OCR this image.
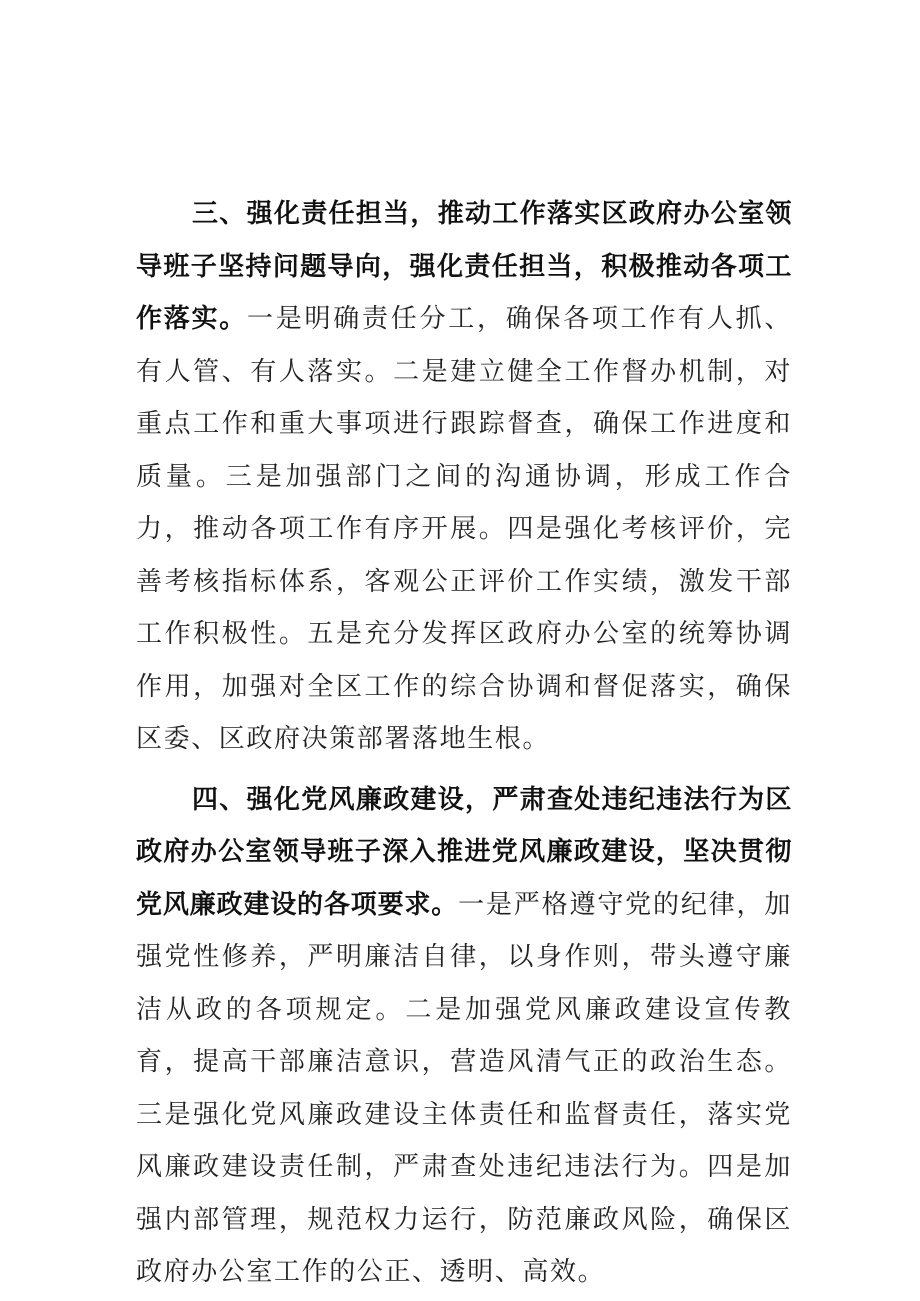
三、强化责任担当，推动工作落实区政府办公室领导班子坚持问题导向，强化责任担当，积极推动各项工作落实。一是明确责任分工，确保各项工作有人抓、有人管、有人落实。二是建立健全工作督办机制，对重点工作和重大事项进行跟踪督查，确保工作进度和质量。三是加强部门之间的沟通协调，形成工作合力，推动各项工作有序开展。四是强化考核评价，完善考核指标体系，客观公正评价工作实绩，激发干部工作积极性。五是充分发挥区政府办公室的统筹协调作用，加强对全区工作的综合协调和督促落实，确保区委、区政府决策部署落地生根。

四、强化党风廉政建设，严肃查处违纪违法行为区政府办公室领导班子深入推进党风廉政建设，坚决贯彻党风廉政建设的各项要求。一是严格遵守党的纪律，加强党性修养，严明廉洁自律，以身作则，带头遵守廉洁从政的各项规定。二是加强党风廉政建设宣传教育，提高干部廉洁意识，营造风清气正的政治生态。三是强化党风廉政建设主体责任和监督责任，落实党风廉政建设责任制，严肃查处违纪违法行为。四是加强内部管理，规范权力运行，防范廉政风险，确保区政府办公室工作的公正、透明、高效。
